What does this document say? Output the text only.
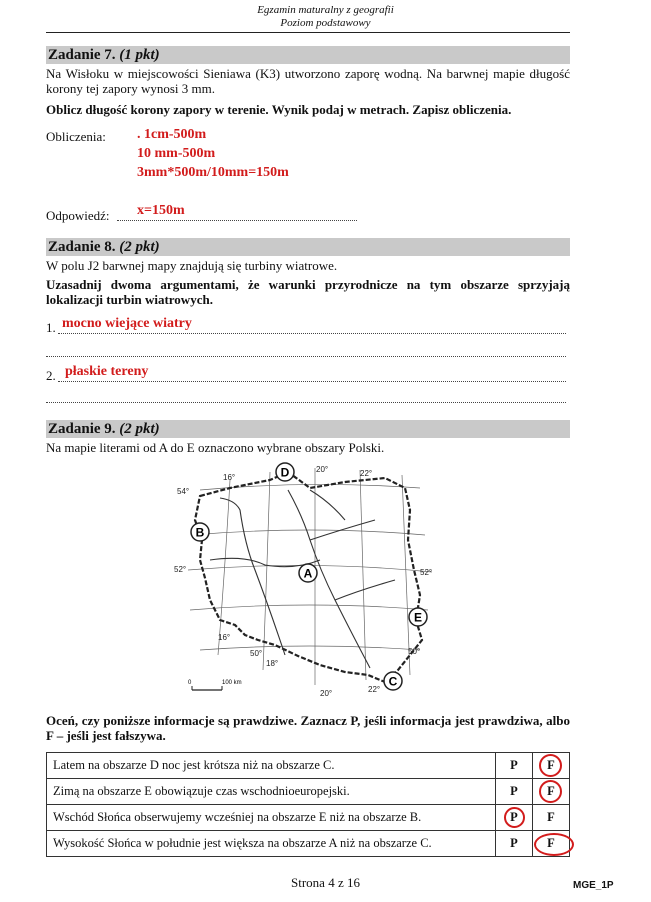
Egzamin maturalny z geografii
Poziom podstawowy
Zadanie 7. (1 pkt)
Na Wisłoku w miejscowości Sieniawa (K3) utworzono zaporę wodną. Na barwnej mapie długość korony tej zapory wynosi 3 mm.
Oblicz długość korony zapory w terenie. Wynik podaj w metrach. Zapisz obliczenia.
Obliczenia: . 1cm-500m
10 mm-500m
3mm*500m/10mm=150m
Odpowiedź: x=150m
Zadanie 8. (2 pkt)
W polu J2 barwnej mapy znajdują się turbiny wiatrowe.
Uzasadnij dwoma argumentami, że warunki przyrodnicze na tym obszarze sprzyjają lokalizacji turbin wiatrowych.
1. mocno wiejące wiatry
2. płaskie tereny
Zadanie 9. (2 pkt)
Na mapie literami od A do E oznaczono wybrane obszary Polski.
D
B
A
E
C
54°
52°	52°
50°	50°
16°
20°	22°
16°
18°
20°	22°
0	100 km
Oceń, czy poniższe informacje są prawdziwe. Zaznacz P, jeśli informacja jest prawdziwa, albo F – jeśli jest fałszywa.
Latem na obszarze D noc jest krótsza niż na obszarze C.	P	F

Zimą na obszarze E obowiązuje czas wschodnioeuropejski.	P	F

Wschód Słońca obserwujemy wcześniej na obszarze E niż na obszarze B.	P	F
Wysokość Słońca w południe jest większa na obszarze A niż na obszarze C.	P	F
Strona 4 z 16	MGE_1P
